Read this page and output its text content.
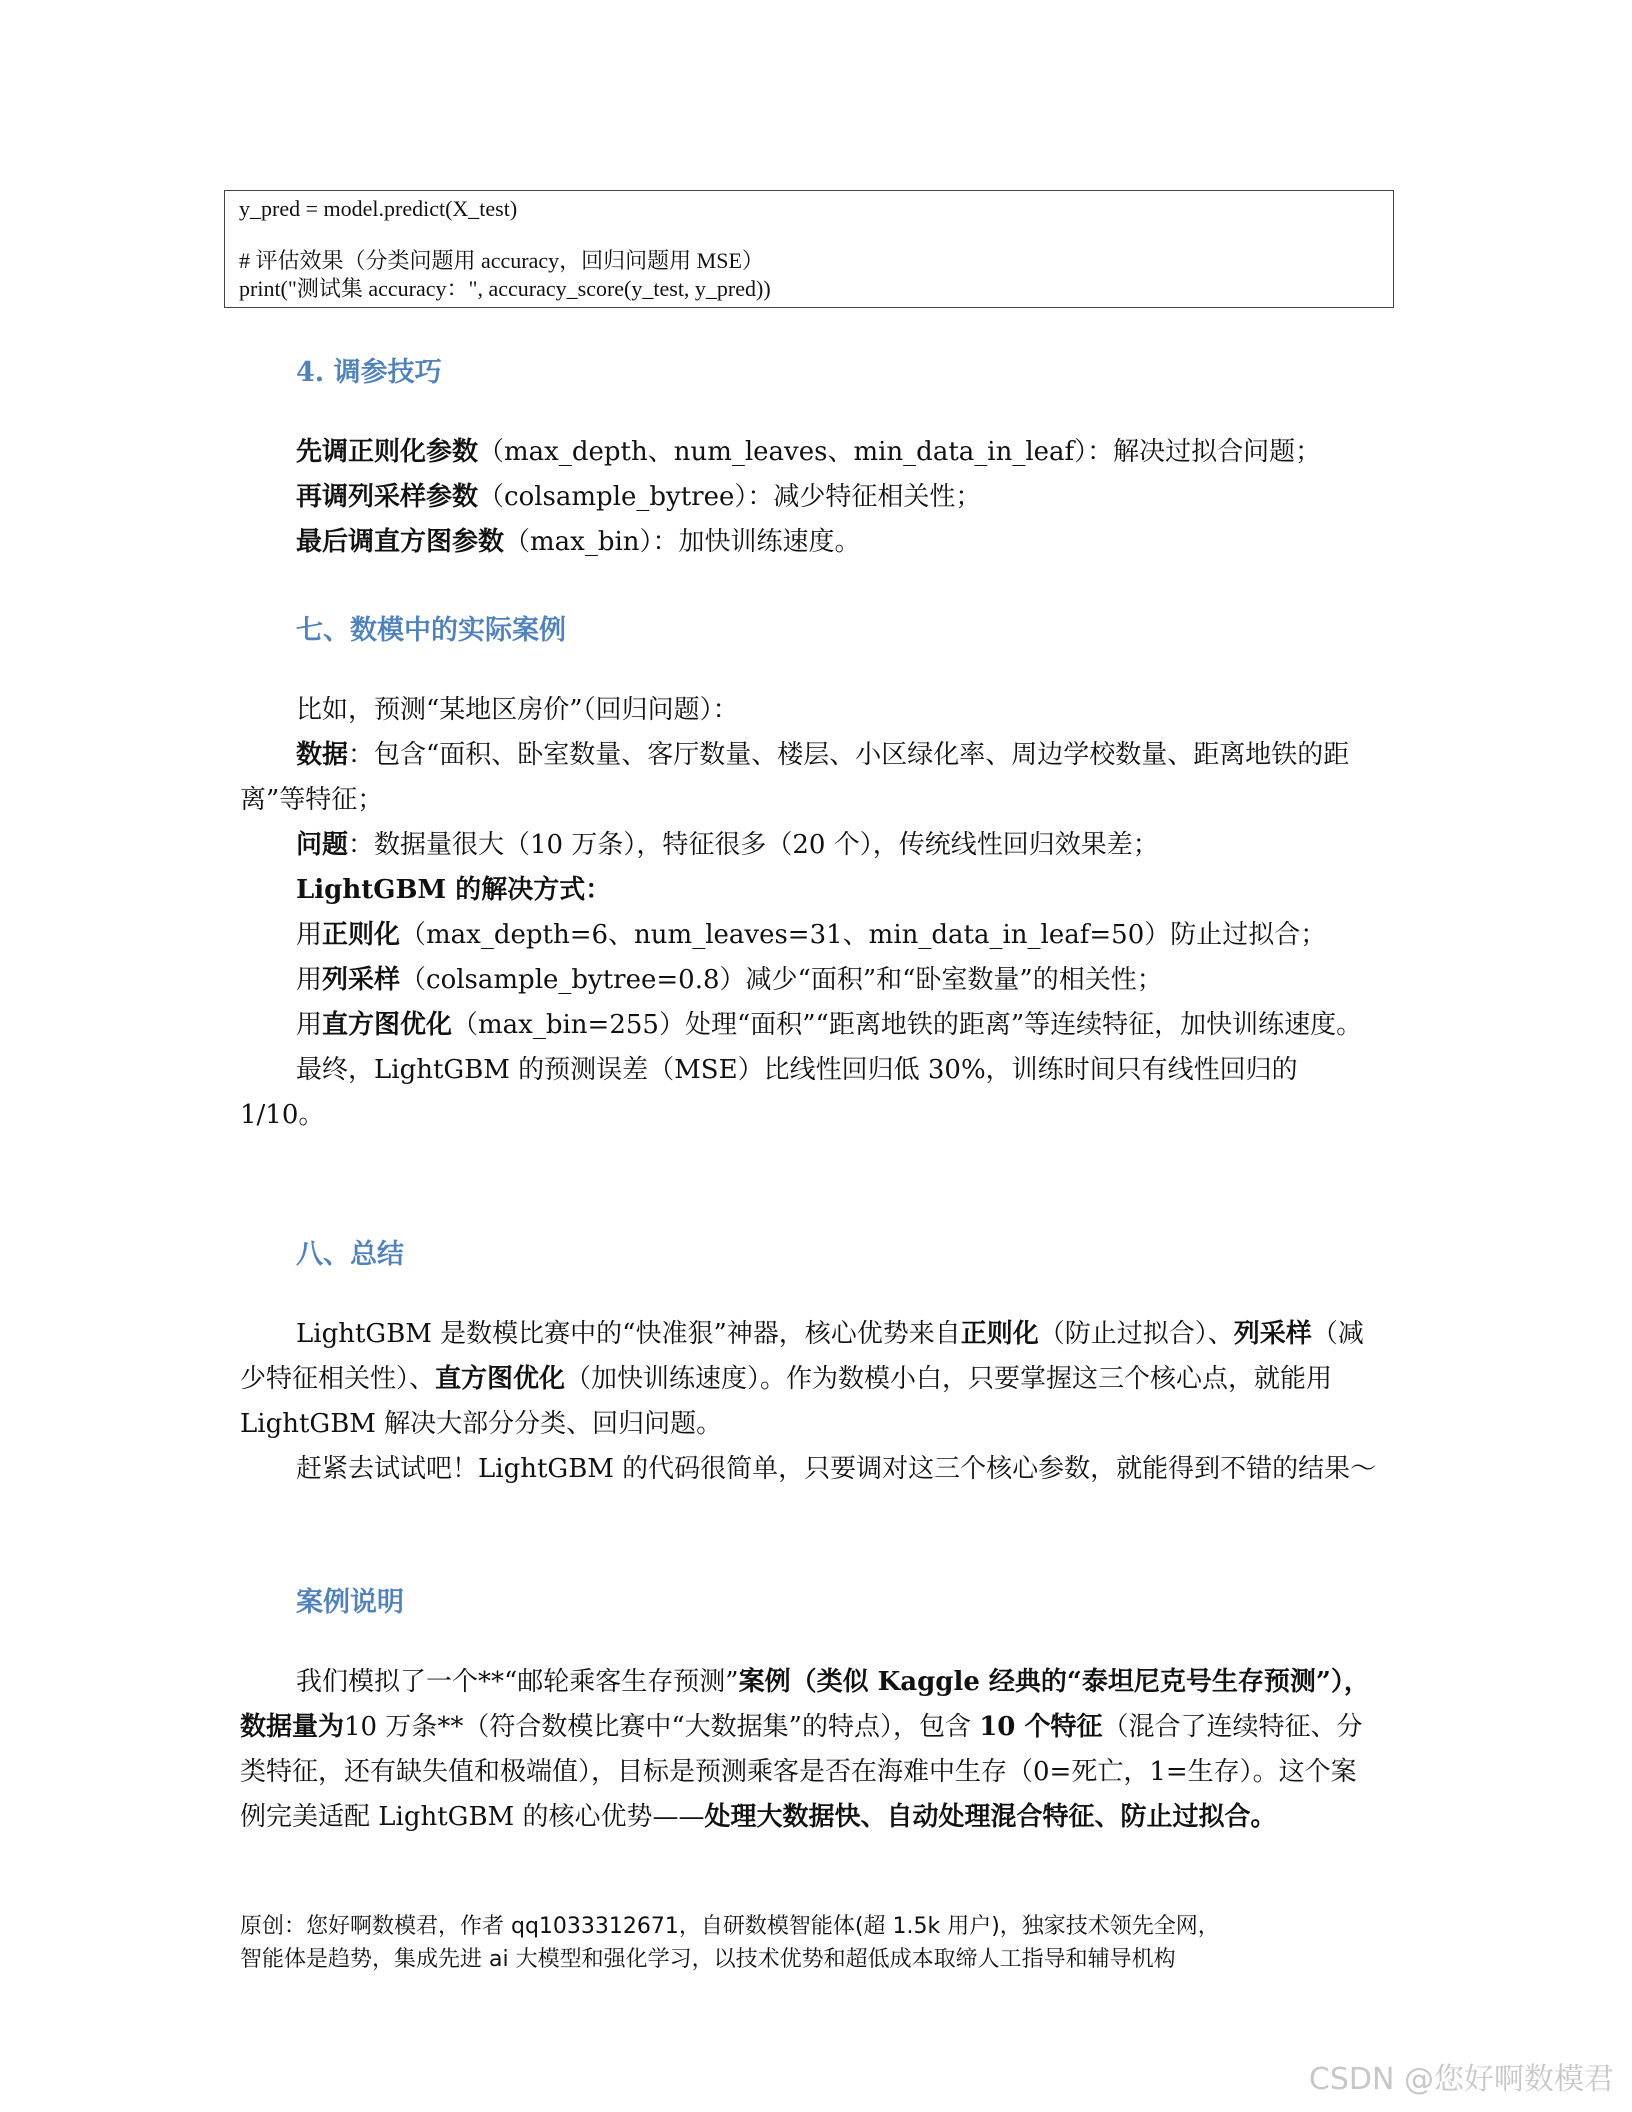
y_pred = model.predict(X_test)
# 评估效果（分类问题用 accuracy，回归问题用 MSE）
print("测试集 accuracy：", accuracy_score(y_test, y_pred))
4. 调参技巧

先调正则化参数（max_depth、num_leaves、min_data_in_leaf）：解决过拟合问题；

再调列采样参数（colsample_bytree）：减少特征相关性；

最后调直方图参数（max_bin）：加快训练速度。

七、数模中的实际案例

比如，预测“某地区房价”（回归问题）：

数据：包含“面积、卧室数量、客厅数量、楼层、小区绿化率、周边学校数量、距离地铁的距离”等特征；

问题：数据量很大（10 万条），特征很多（20 个），传统线性回归效果差；

LightGBM 的解决方式：

用正则化（max_depth=6、num_leaves=31、min_data_in_leaf=50）防止过拟合；

用列采样（colsample_bytree=0.8）减少“面积”和“卧室数量”的相关性；

用直方图优化（max_bin=255）处理“面积”“距离地铁的距离”等连续特征，加快训练速度。

最终，LightGBM 的预测误差（MSE）比线性回归低 30%，训练时间只有线性回归的 1/10。

八、总结

LightGBM 是数模比赛中的“快准狠”神器，核心优势来自正则化（防止过拟合）、列采样（减少特征相关性）、直方图优化（加快训练速度）。作为数模小白，只要掌握这三个核心点，就能用 LightGBM 解决大部分分类、回归问题。

赶紧去试试吧！LightGBM 的代码很简单，只要调对这三个核心参数，就能得到不错的结果～

案例说明

我们模拟了一个**“邮轮乘客生存预测”案例（类似 Kaggle 经典的“泰坦尼克号生存预测”），数据量为10 万条**（符合数模比赛中“大数据集”的特点），包含 10 个特征（混合了连续特征、分类特征，还有缺失值和极端值），目标是预测乘客是否在海难中生存（0=死亡，1=生存）。这个案例完美适配 LightGBM 的核心优势——处理大数据快、自动处理混合特征、防止过拟合。

原创：您好啊数模君，作者 qq1033312671，自研数模智能体(超 1.5k 用户)，独家技术领先全网，
智能体是趋势，集成先进 ai 大模型和强化学习，以技术优势和超低成本取缔人工指导和辅导机构
CSDN @您好啊数模君
